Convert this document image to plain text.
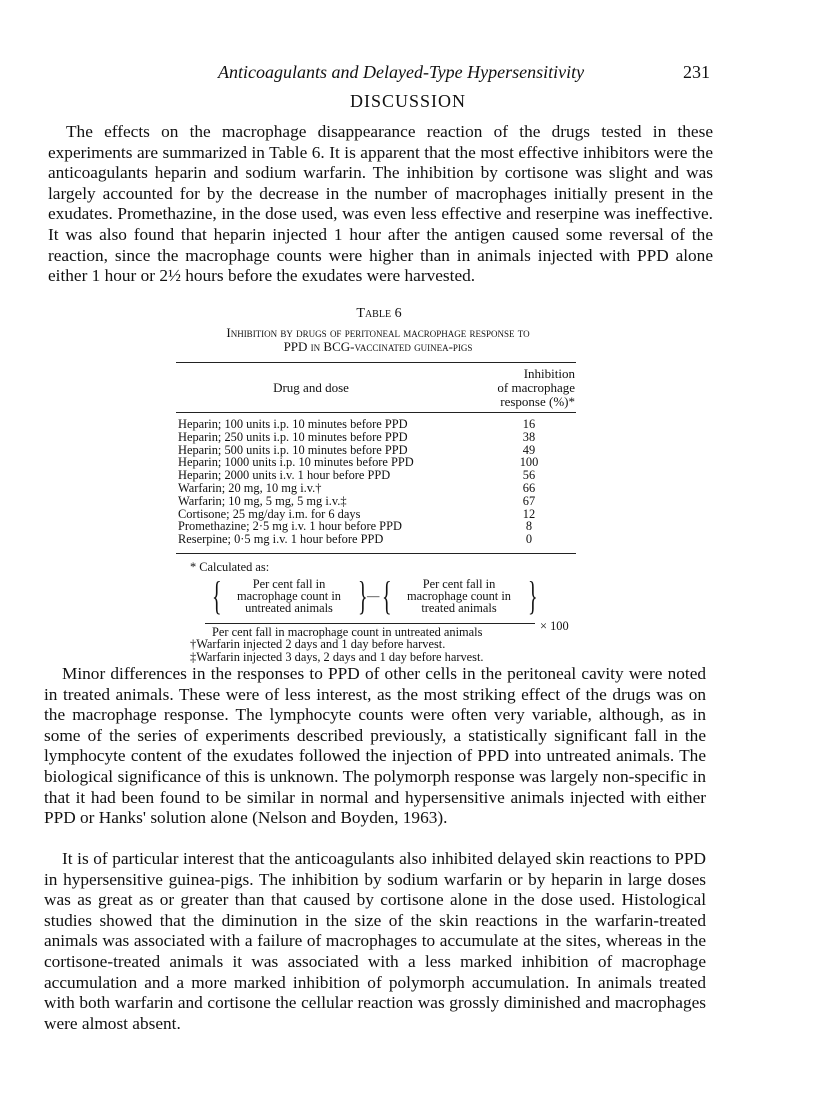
Anticoagulants and Delayed-Type Hypersensitivity	231
DISCUSSION

The effects on the macrophage disappearance reaction of the drugs tested in these experiments are summarized in Table 6. It is apparent that the most effective inhibitors were the anticoagulants heparin and sodium warfarin. The inhibition by cortisone was slight and was largely accounted for by the decrease in the number of macrophages initially present in the exudates. Promethazine, in the dose used, was even less effective and reserpine was ineffective. It was also found that heparin injected 1 hour after the antigen caused some reversal of the reaction, since the macrophage counts were higher than in animals injected with PPD alone either 1 hour or 2½ hours before the exudates were harvested.

Table 6
Inhibition by drugs of peritoneal macrophage response to
PPD in BCG-vaccinated guinea-pigs
Drug and dose
Inhibition
of macrophage
response (%)*
Heparin; 100 units i.p. 10 minutes before PPD	16
Heparin; 250 units i.p. 10 minutes before PPD	38
Heparin; 500 units i.p. 10 minutes before PPD	49
Heparin; 1000 units i.p. 10 minutes before PPD	100
Heparin; 2000 units i.v. 1 hour before PPD	56
Warfarin; 20 mg, 10 mg i.v.†	66
Warfarin; 10 mg, 5 mg, 5 mg i.v.‡	67
Cortisone; 25 mg/day i.m. for 6 days	12
Promethazine; 2·5 mg i.v. 1 hour before PPD	8
Reserpine; 0·5 mg i.v. 1 hour before PPD	0
* Calculated as:
{	Per cent fall in
macrophage count in
untreated animals } — {	Per cent fall in
macrophage count in
treated animals }
× 100
Per cent fall in macrophage count in untreated animals
†Warfarin injected 2 days and 1 day before harvest.
‡Warfarin injected 3 days, 2 days and 1 day before harvest.

Minor differences in the responses to PPD of other cells in the peritoneal cavity were noted in treated animals. These were of less interest, as the most striking effect of the drugs was on the macrophage response. The lymphocyte counts were often very variable, although, as in some of the series of experiments described previously, a statistically significant fall in the lymphocyte content of the exudates followed the injection of PPD into untreated animals. The biological significance of this is unknown. The polymorph response was largely non-specific in that it had been found to be similar in normal and hypersensitive animals injected with either PPD or Hanks' solution alone (Nelson and Boyden, 1963).

It is of particular interest that the anticoagulants also inhibited delayed skin reactions to PPD in hypersensitive guinea-pigs. The inhibition by sodium warfarin or by heparin in large doses was as great as or greater than that caused by cortisone alone in the dose used. Histological studies showed that the diminution in the size of the skin reactions in the warfarin-treated animals was associated with a failure of macrophages to accumulate at the sites, whereas in the cortisone-treated animals it was associated with a less marked inhibition of macrophage accumulation and a more marked inhibition of polymorph accumulation. In animals treated with both warfarin and cortisone the cellular reaction was grossly diminished and macrophages were almost absent.
